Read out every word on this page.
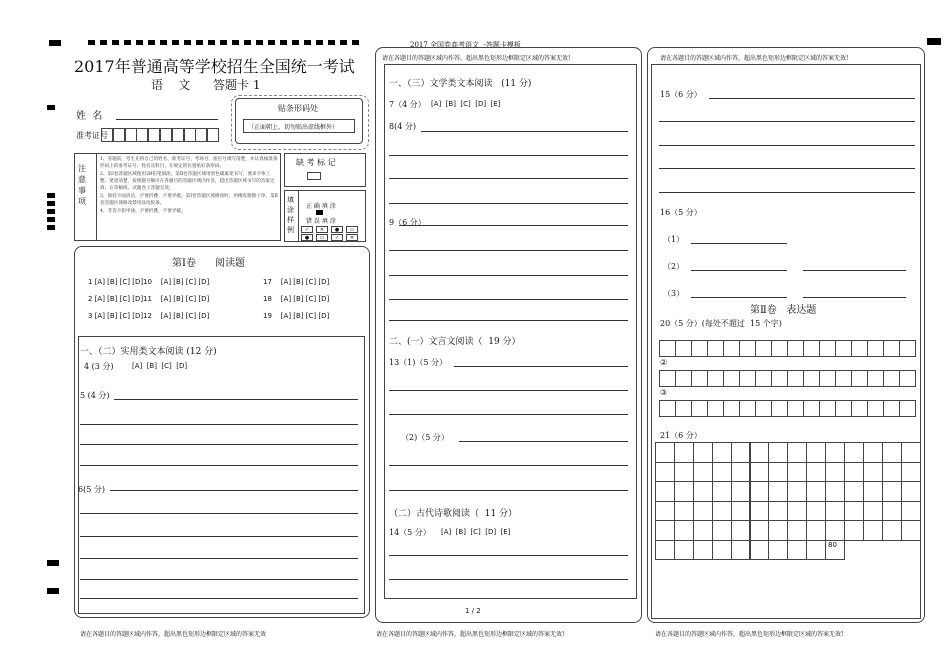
2017年普通高等学校招生全国统一考试
语    文 答题卡 1
姓  名
准考证号
贴条形码处
（正面朝上，切勿贴出虚线框外）
注
意
事
项
1、答题前，考生先将自己的姓名、准考证号、考场号、座位号填写清楚，并认真核准条形码上的准考证号、姓名及科目，在规定的位置贴好条形码。
2、第Ⅰ卷答题区域使用2B铅笔填涂，第Ⅱ卷答题区域用黑色碳素笔书写，要求字体工整、笔迹清楚，按照题号顺序在各题目的答题区域内作答，超出答题区域书写的答案无效；在草稿纸、试题卷上答题无效。
3、保持卡面清洁，不要折叠、不要弄破，第Ⅰ卷答题区域修改时，用橡皮擦擦干净，第Ⅱ卷答题区域修改禁用涂改胶条。
4、非答卡指甲油、不要折叠、不要弄破。
缺 考 标 记
填
涂
样
例
正 确 填 涂
错 误 填 涂
✓	✕	●	▭
●	▭	✓	✕
第Ⅰ卷      阅读题
1 [A] [B] [C] [D] 10    [A] [B] [C] [D]	17    [A] [B] [C] [D]
2 [A] [B] [C] [D] 11    [A] [B] [C] [D]	18    [A] [B] [C] [D]
3 [A] [B] [C] [D] 12    [A] [B] [C] [D]	19    [A] [B] [C] [D]
一、（二）实用类文本阅读 (12 分)
4 (3 分)	[A]  [B]  [C]  [D]
5 (4 分)
6(5 分)
2017 全国卷高考语文  -答题卡模板
请在各题目的答题区域内作答，超出黑色矩形边框限定区域的答案无效!
一、（三）文学类文本阅读   (11 分)
7（4 分） [A]  [B]  [C]  [D]  [E]
8(4 分)
9（6 分）
二、(一）文言文阅读（  19 分）
13（1)（5 分）
（2)（5 分）
（二）古代诗歌阅读（  11 分）
14（5 分） [A]  [B]  [C]  [D]  [E]
1 / 2
请在各题目的答题区域内作答，超出黑色矩形边框限定区域的答案无效!
15（6 分）
16（5 分）
（1）
（2）
（3）
第Ⅱ卷   表达题
20（5 分）(每处不超过  15 个字)
②
③
21（6 分）
80
请在各题目的答题区域内作答，超出黑色矩形边框限定区域的答案无效	请在各题目的答题区域内作答，超出黑色矩形边框限定区域的答案无效!	请在各题目的答题区域内作答，超出黑色矩形边框限定区域的答案无效!
